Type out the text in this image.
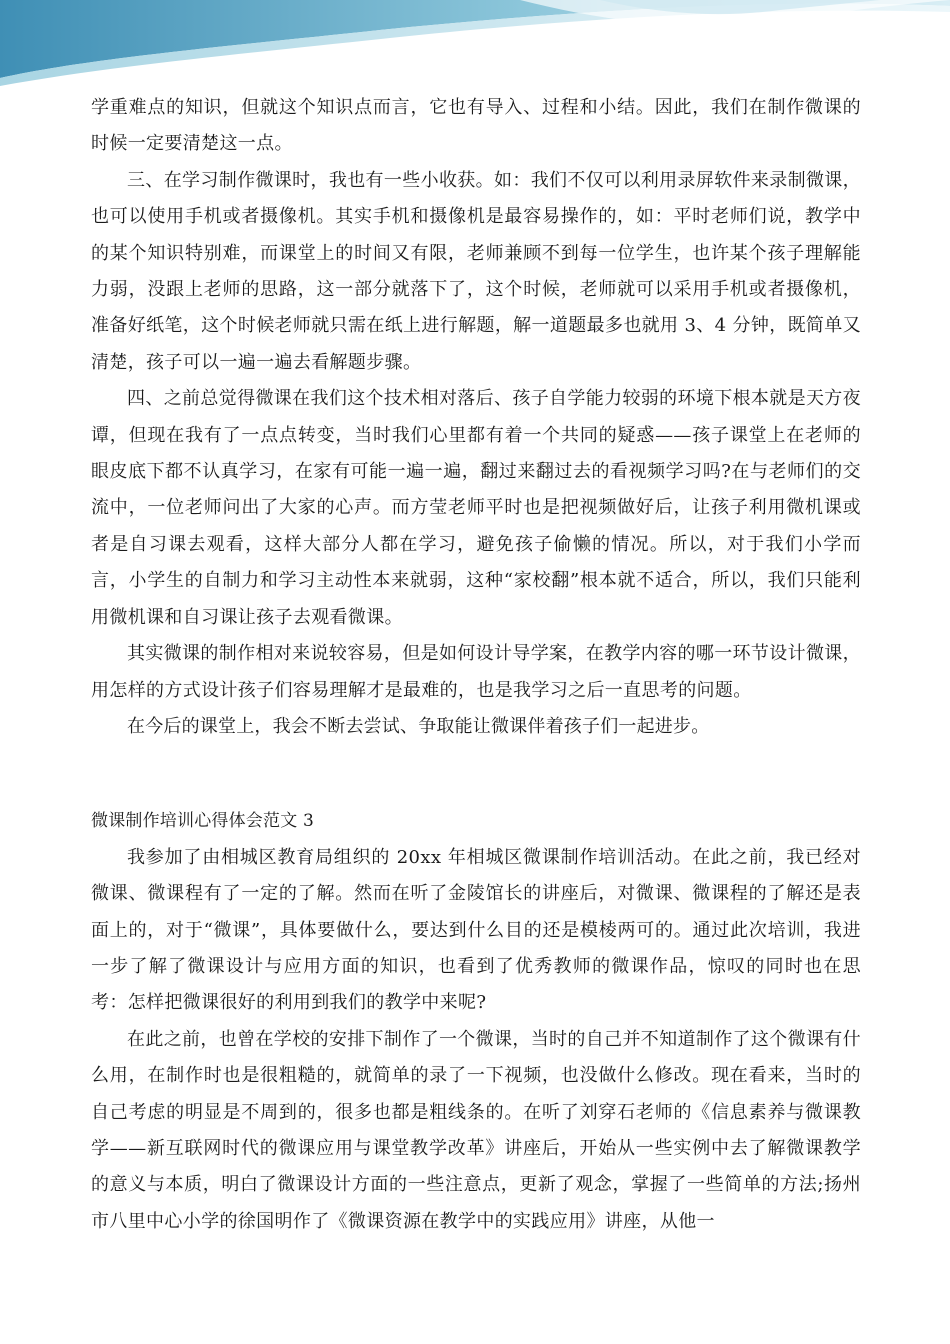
学重难点的知识，但就这个知识点而言，它也有导入、过程和小结。因此，我们在制作微课的时候一定要清楚这一点。

三、在学习制作微课时，我也有一些小收获。如：我们不仅可以利用录屏软件来录制微课，也可以使用手机或者摄像机。其实手机和摄像机是最容易操作的，如：平时老师们说，教学中的某个知识特别难，而课堂上的时间又有限，老师兼顾不到每一位学生，也许某个孩子理解能力弱，没跟上老师的思路，这一部分就落下了，这个时候，老师就可以采用手机或者摄像机，准备好纸笔，这个时候老师就只需在纸上进行解题，解一道题最多也就用 3、4 分钟，既简单又清楚，孩子可以一遍一遍去看解题步骤。

四、之前总觉得微课在我们这个技术相对落后、孩子自学能力较弱的环境下根本就是天方夜谭，但现在我有了一点点转变，当时我们心里都有着一个共同的疑惑——孩子课堂上在老师的眼皮底下都不认真学习，在家有可能一遍一遍，翻过来翻过去的看视频学习吗?在与老师们的交流中，一位老师问出了大家的心声。而方莹老师平时也是把视频做好后，让孩子利用微机课或者是自习课去观看，这样大部分人都在学习，避免孩子偷懒的情况。所以，对于我们小学而言，小学生的自制力和学习主动性本来就弱，这种“家校翻”根本就不适合，所以，我们只能利用微机课和自习课让孩子去观看微课。

其实微课的制作相对来说较容易，但是如何设计导学案，在教学内容的哪一环节设计微课，用怎样的方式设计孩子们容易理解才是最难的，也是我学习之后一直思考的问题。

在今后的课堂上，我会不断去尝试、争取能让微课伴着孩子们一起进步。

微课制作培训心得体会范文 3

我参加了由相城区教育局组织的 20xx 年相城区微课制作培训活动。在此之前，我已经对微课、微课程有了一定的了解。然而在听了金陵馆长的讲座后，对微课、微课程的了解还是表面上的，对于“微课”，具体要做什么，要达到什么目的还是模棱两可的。通过此次培训，我进一步了解了微课设计与应用方面的知识，也看到了优秀教师的微课作品，惊叹的同时也在思考：怎样把微课很好的利用到我们的教学中来呢?

在此之前，也曾在学校的安排下制作了一个微课，当时的自己并不知道制作了这个微课有什么用，在制作时也是很粗糙的，就简单的录了一下视频，也没做什么修改。现在看来，当时的自己考虑的明显是不周到的，很多也都是粗线条的。在听了刘穿石老师的《信息素养与微课教学——新互联网时代的微课应用与课堂教学改革》讲座后，开始从一些实例中去了解微课教学的意义与本质，明白了微课设计方面的一些注意点，更新了观念，掌握了一些简单的方法;扬州市八里中心小学的徐国明作了《微课资源在教学中的实践应用》讲座，从他一
